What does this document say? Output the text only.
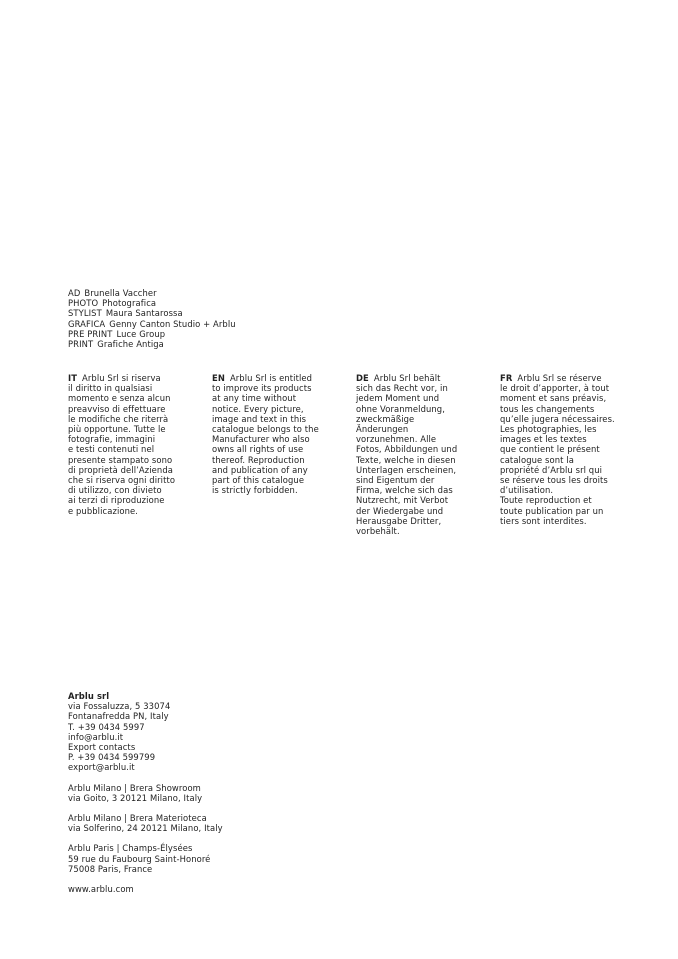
AD Brunella Vaccher
PHOTO Photografica
STYLIST Maura Santarossa
GRAFICA Genny Canton Studio + Arblu
PRE PRINT Luce Group
PRINT Grafiche Antiga

IT Arblu Srl si riserva
il diritto in qualsiasi
momento e senza alcun
preavviso di effettuare
le modifiche che riterrà
più opportune. Tutte le
fotografie, immagini
e testi contenuti nel
presente stampato sono
di proprietà dell’Azienda
che si riserva ogni diritto
di utilizzo, con divieto
ai terzi di riproduzione
e pubblicazione.

EN Arblu Srl is entitled
to improve its products
at any time without
notice. Every picture,
image and text in this
catalogue belongs to the
Manufacturer who also
owns all rights of use
thereof. Reproduction
and publication of any
part of this catalogue
is strictly forbidden.

DE Arblu Srl behält
sich das Recht vor, in
jedem Moment und
ohne Voranmeldung,
zweckmäßige
Änderungen
vorzunehmen. Alle
Fotos, Abbildungen und
Texte, welche in diesen
Unterlagen erscheinen,
sind Eigentum der
Firma, welche sich das
Nutzrecht, mit Verbot
der Wiedergabe und
Herausgabe Dritter,
vorbehält.

FR Arblu Srl se réserve
le droit d’apporter, à tout
moment et sans préavis,
tous les changements
qu’elle jugera nécessaires.
Les photographies, les
images et les textes
que contient le présent
catalogue sont la
propriété d’Arblu srl qui
se réserve tous les droits
d’utilisation.
Toute reproduction et
toute publication par un
tiers sont interdites.

Arblu srl
via Fossaluzza, 5 33074
Fontanafredda PN, Italy
T. +39 0434 5997
info@arblu.it
Export contacts
P. +39 0434 599799
export@arblu.it
Arblu Milano | Brera Showroom
via Goito, 3 20121 Milano, Italy
Arblu Milano | Brera Materioteca
via Solferino, 24 20121 Milano, Italy
Arblu Paris | Champs-Élysées
59 rue du Faubourg Saint-Honoré
75008 Paris, France
www.arblu.com
